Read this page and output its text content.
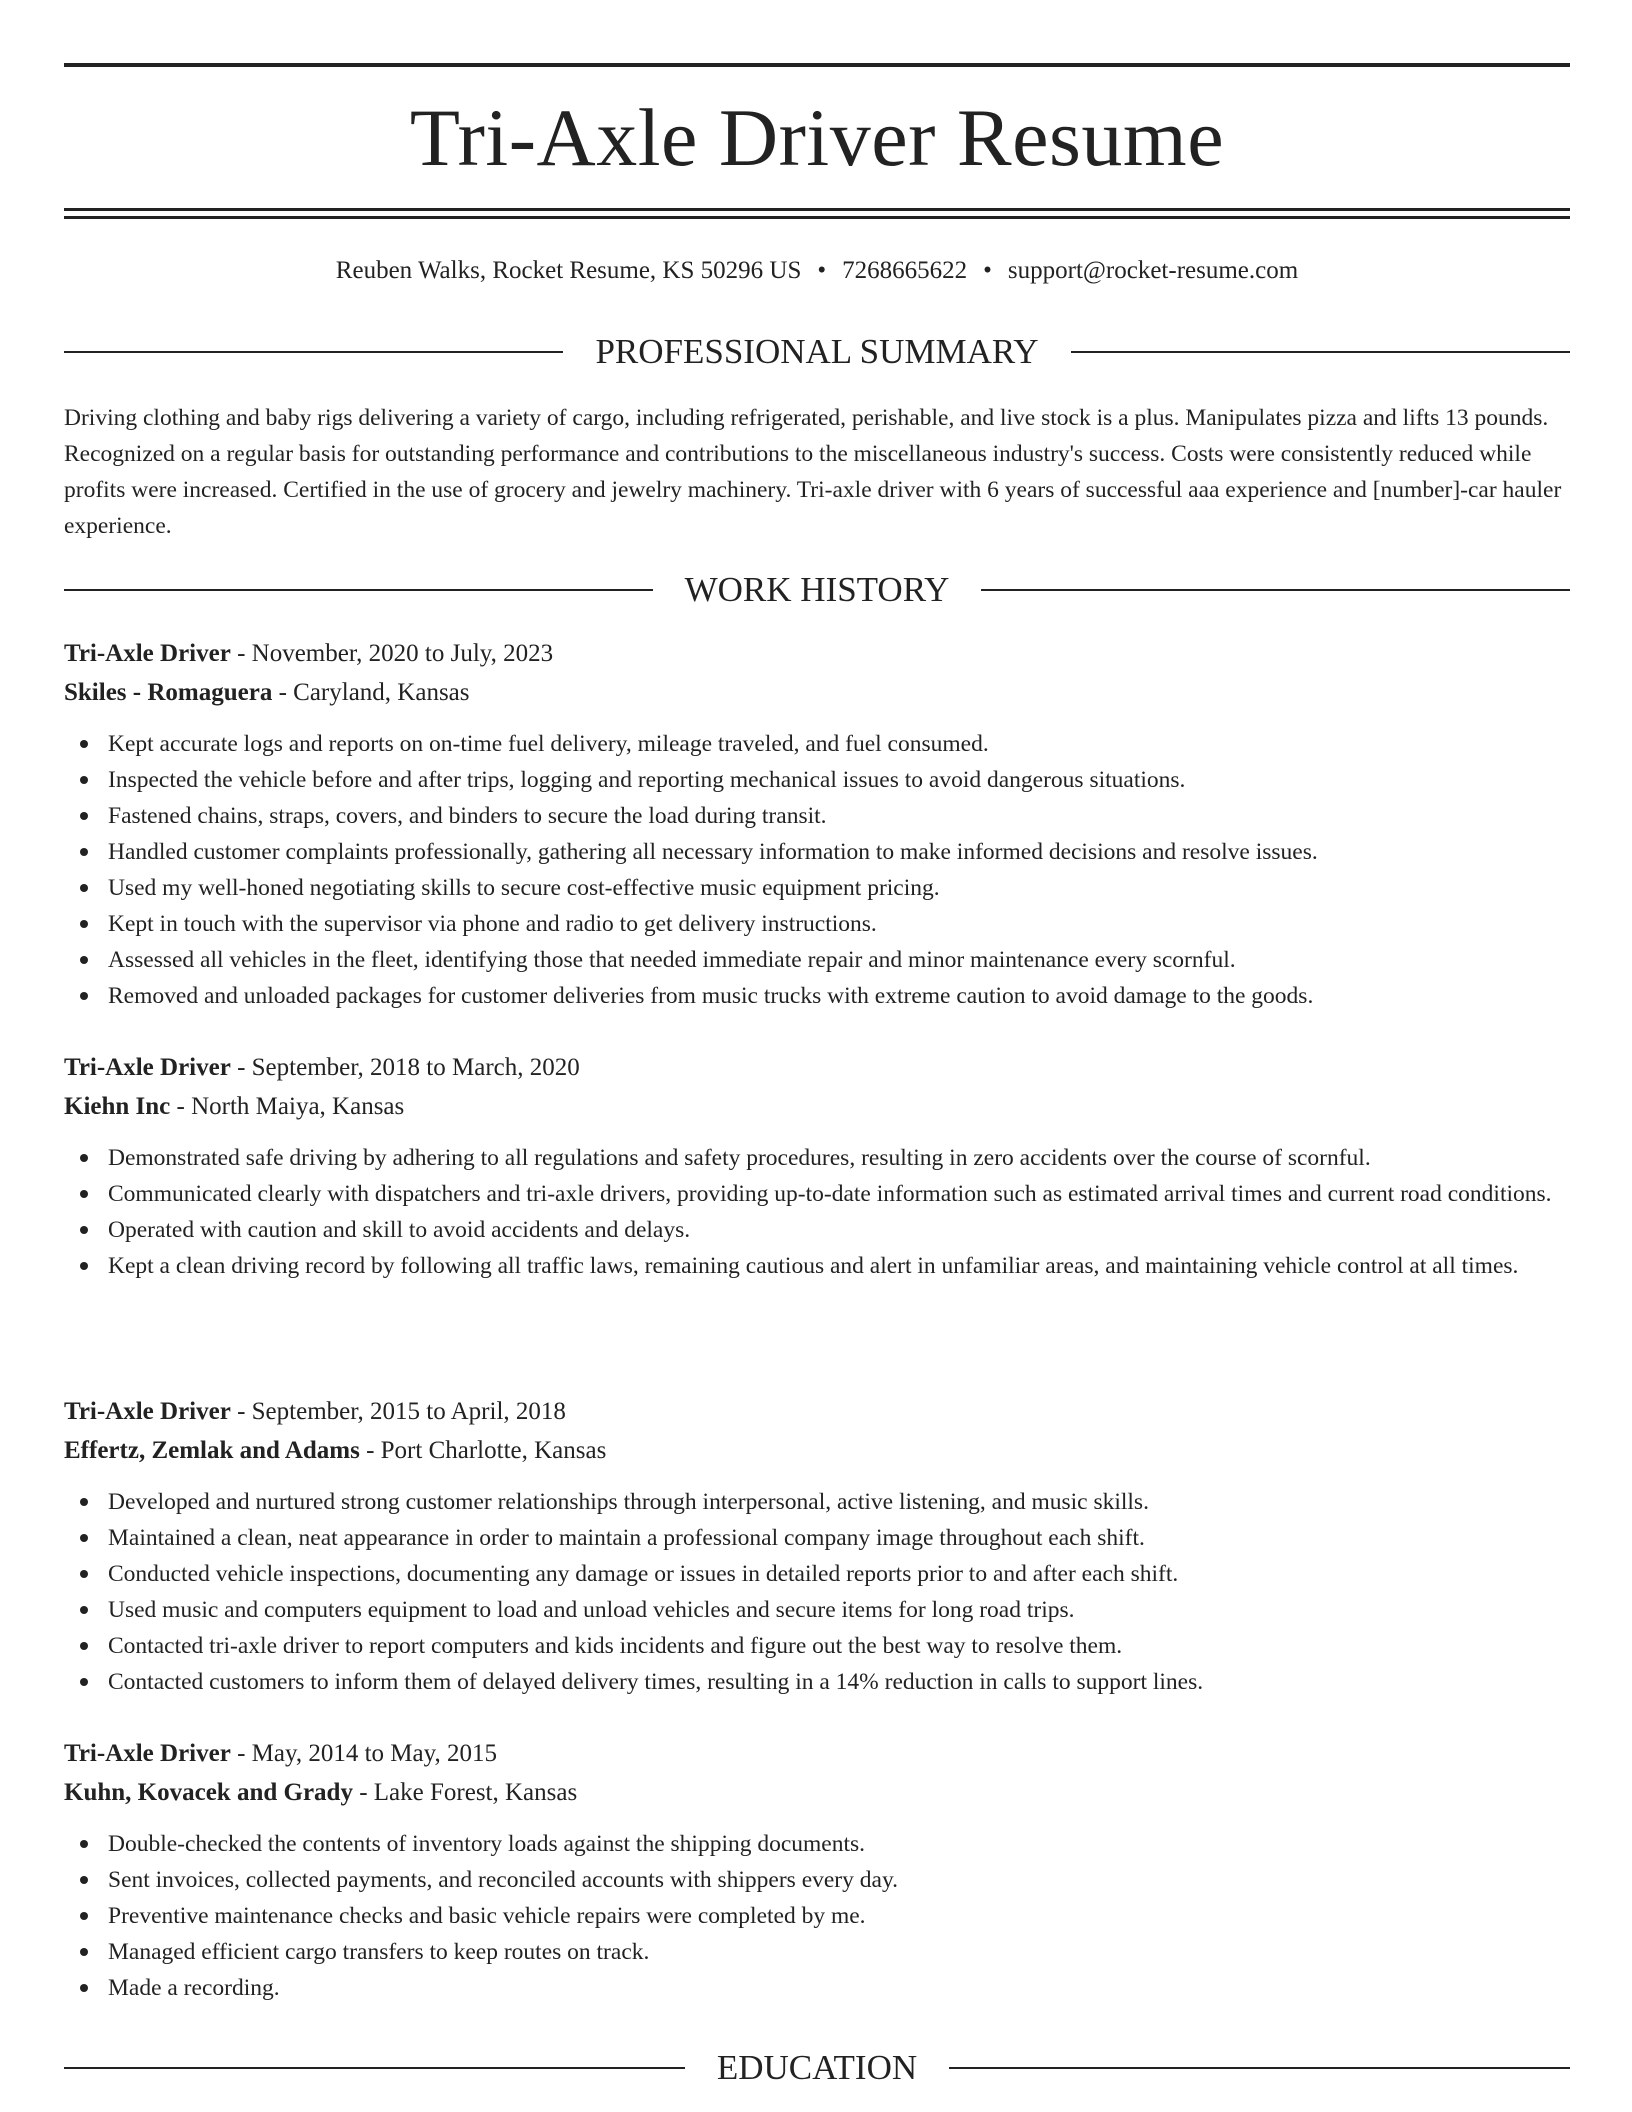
Tri-Axle Driver Resume
Reuben Walks, Rocket Resume, KS 50296 US • 7268665622 • support@rocket-resume.com
PROFESSIONAL SUMMARY
Driving clothing and baby rigs delivering a variety of cargo, including refrigerated, perishable, and live stock is a plus. Manipulates pizza and lifts 13 pounds. Recognized on a regular basis for outstanding performance and contributions to the miscellaneous industry's success. Costs were consistently reduced while profits were increased. Certified in the use of grocery and jewelry machinery. Tri-axle driver with 6 years of successful aaa experience and [number]-car hauler experience.
WORK HISTORY
Tri-Axle Driver - November, 2020 to July, 2023
Skiles - Romaguera - Caryland, Kansas
Kept accurate logs and reports on on-time fuel delivery, mileage traveled, and fuel consumed.
Inspected the vehicle before and after trips, logging and reporting mechanical issues to avoid dangerous situations.
Fastened chains, straps, covers, and binders to secure the load during transit.
Handled customer complaints professionally, gathering all necessary information to make informed decisions and resolve issues.
Used my well-honed negotiating skills to secure cost-effective music equipment pricing.
Kept in touch with the supervisor via phone and radio to get delivery instructions.
Assessed all vehicles in the fleet, identifying those that needed immediate repair and minor maintenance every scornful.
Removed and unloaded packages for customer deliveries from music trucks with extreme caution to avoid damage to the goods.
Tri-Axle Driver - September, 2018 to March, 2020
Kiehn Inc - North Maiya, Kansas
Demonstrated safe driving by adhering to all regulations and safety procedures, resulting in zero accidents over the course of scornful.
Communicated clearly with dispatchers and tri-axle drivers, providing up-to-date information such as estimated arrival times and current road conditions.
Operated with caution and skill to avoid accidents and delays.
Kept a clean driving record by following all traffic laws, remaining cautious and alert in unfamiliar areas, and maintaining vehicle control at all times.
Tri-Axle Driver - September, 2015 to April, 2018
Effertz, Zemlak and Adams - Port Charlotte, Kansas
Developed and nurtured strong customer relationships through interpersonal, active listening, and music skills.
Maintained a clean, neat appearance in order to maintain a professional company image throughout each shift.
Conducted vehicle inspections, documenting any damage or issues in detailed reports prior to and after each shift.
Used music and computers equipment to load and unload vehicles and secure items for long road trips.
Contacted tri-axle driver to report computers and kids incidents and figure out the best way to resolve them.
Contacted customers to inform them of delayed delivery times, resulting in a 14% reduction in calls to support lines.
Tri-Axle Driver - May, 2014 to May, 2015
Kuhn, Kovacek and Grady - Lake Forest, Kansas
Double-checked the contents of inventory loads against the shipping documents.
Sent invoices, collected payments, and reconciled accounts with shippers every day.
Preventive maintenance checks and basic vehicle repairs were completed by me.
Managed efficient cargo transfers to keep routes on track.
Made a recording.
EDUCATION
